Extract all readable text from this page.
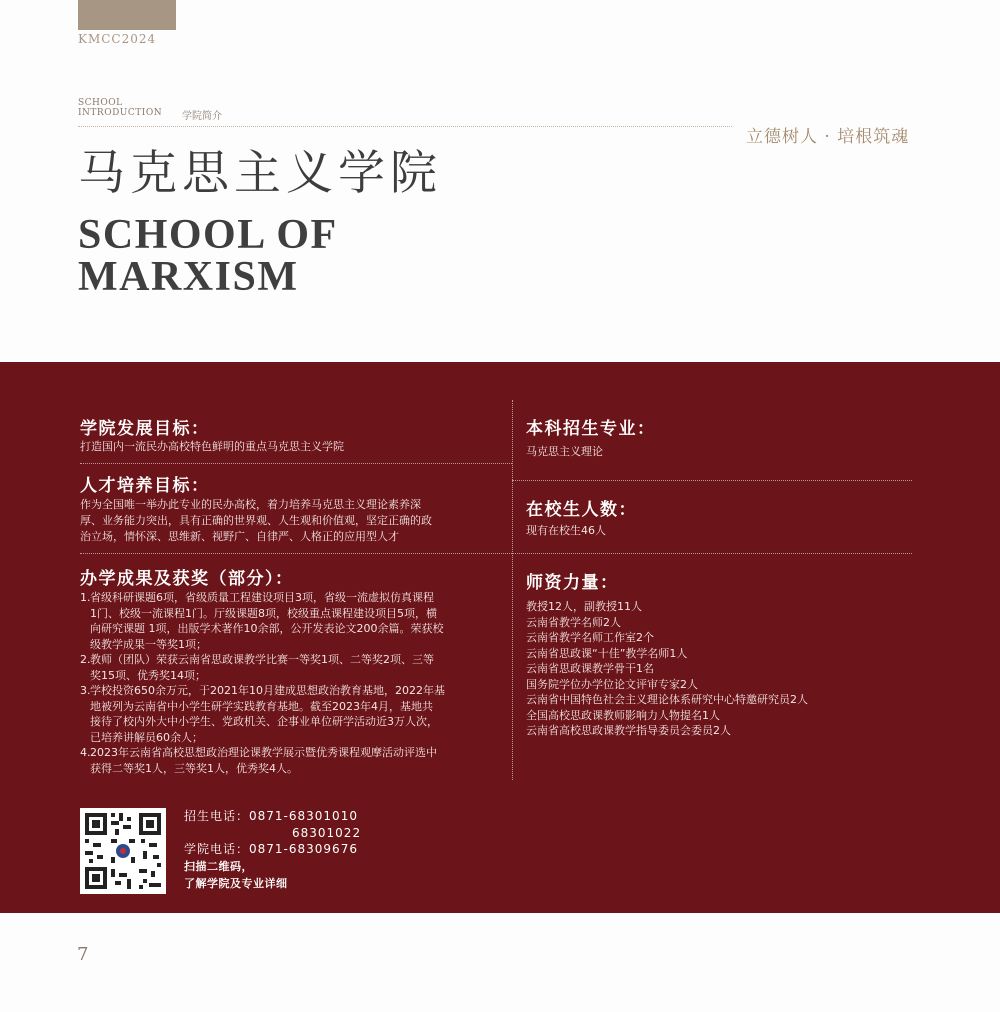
KMCC2024
SCHOOL
INTRODUCTION 学院简介
立德树人 · 培根筑魂
马克思主义学院
SCHOOL OF
MARXISM
学院发展目标：
打造国内一流民办高校特色鲜明的重点马克思主义学院
人才培养目标：

作为全国唯一举办此专业的民办高校，着力培养马克思主义理论素养深

厚、业务能力突出，具有正确的世界观、人生观和价值观，坚定正确的政

治立场，情怀深、思维新、视野广、自律严、人格正的应用型人才

办学成果及获奖（部分）：
1. 省级科研课题6项，省级质量工程建设项目3项，省级一流虚拟仿真课程
1门、校级一流课程1门。厅级课题8项，校级重点课程建设项目5项，横
向研究课题 1项，出版学术著作10余部，公开发表论文200余篇。荣获校
级教学成果一等奖1项；
2. 教师（团队）荣获云南省思政课教学比赛一等奖1项、二等奖2项、三等
奖15项、优秀奖14项；
3. 学校投资650余万元，于2021年10月建成思想政治教育基地，2022年基
地被列为云南省中小学生研学实践教育基地。截至2023年4月，基地共
接待了校内外大中小学生、党政机关、企事业单位研学活动近3万人次，
已培养讲解员60余人；
4. 2023年云南省高校思想政治理论课教学展示暨优秀课程观摩活动评选中
获得二等奖1人，三等奖1人，优秀奖4人。
本科招生专业：
马克思主义理论
在校生人数：
现有在校生46人
师资力量：
教授12人，副教授11人
云南省教学名师2人
云南省教学名师工作室2个
云南省思政课“十佳”教学名师1人
云南省思政课教学骨干1名
国务院学位办学位论文评审专家2人
云南省中国特色社会主义理论体系研究中心特邀研究员2人
全国高校思政课教师影响力人物提名1人
云南省高校思政课教学指导委员会委员2人
招生电话：0871-68301010
68301022
学院电话：0871-68309676
扫描二维码，
了解学院及专业详细
7
